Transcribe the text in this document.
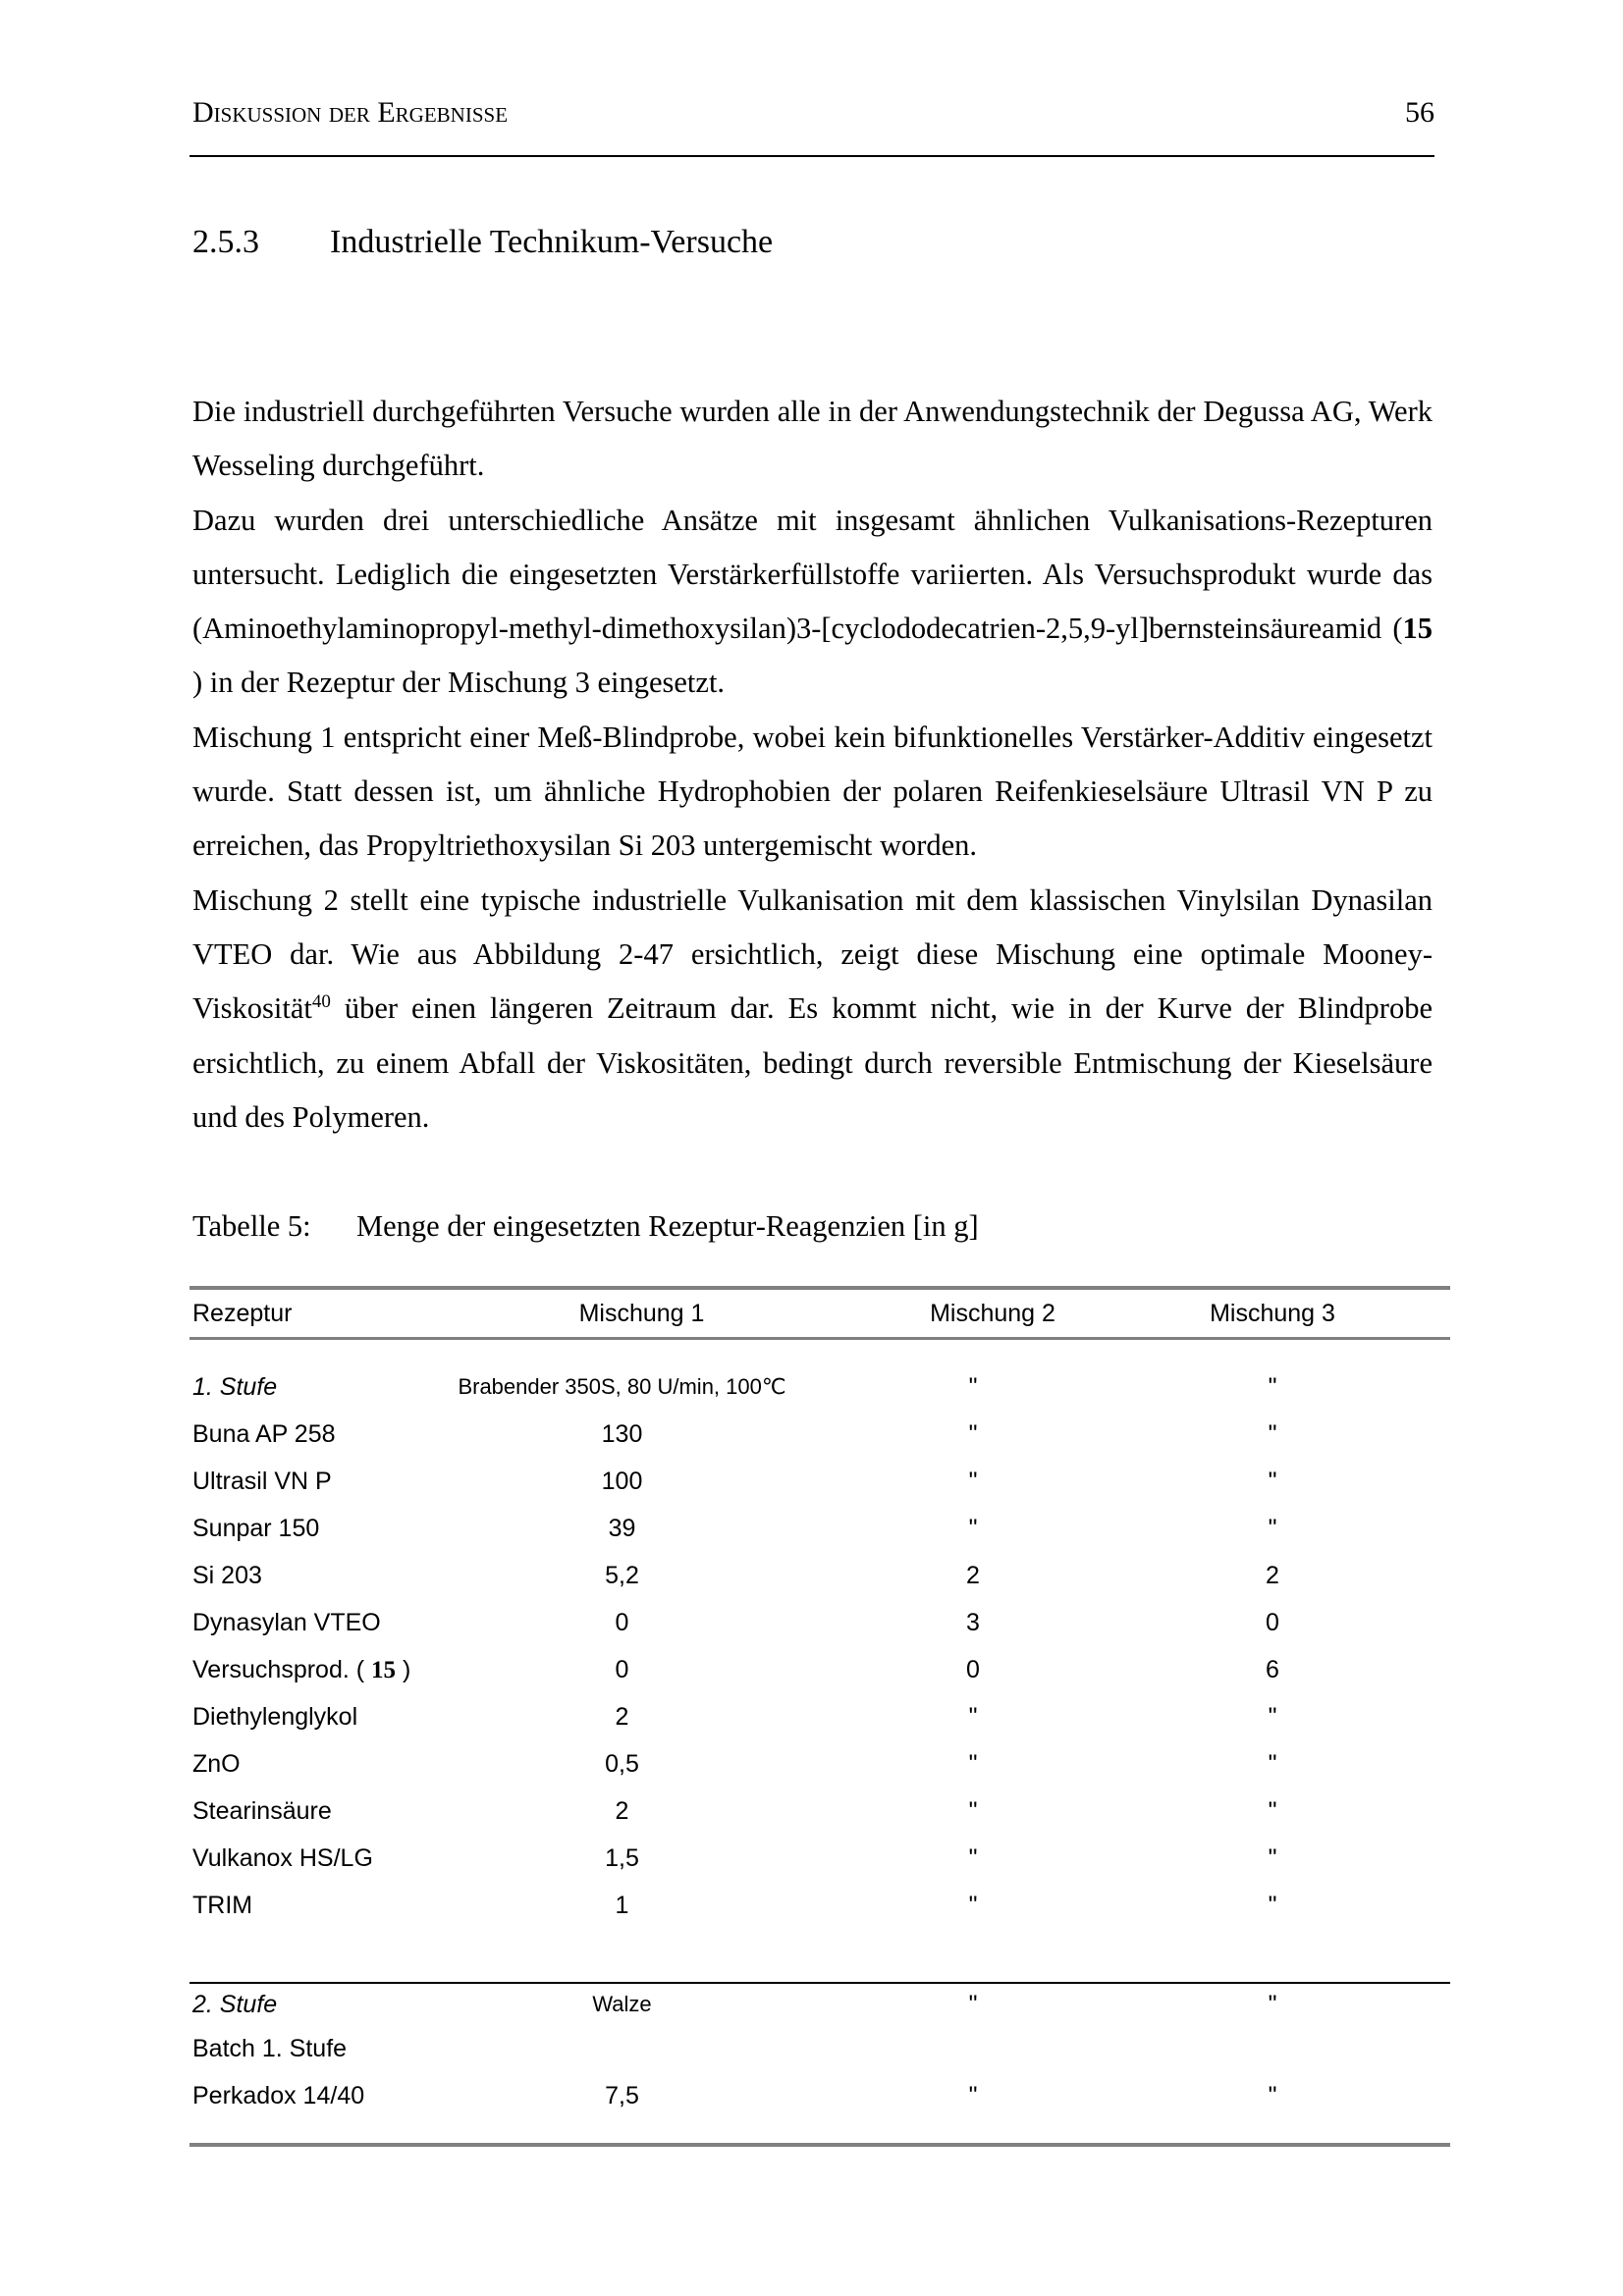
Diskussion der Ergebnisse	56
2.5.3	Industrielle Technikum-Versuche

Die industriell durchgeführten Versuche wurden alle in der Anwendungstechnik der Degussa AG, Werk Wesseling durchgeführt.

Dazu wurden drei unterschiedliche Ansätze mit insgesamt ähnlichen Vulkanisations-Rezepturen untersucht. Lediglich die eingesetzten Verstärkerfüllstoffe variierten. Als Versuchsprodukt wurde das (Aminoethylaminopropyl-methyl-dimethoxysilan)3-[cyclododecatrien-2,5,9-yl]bernsteinsäureamid (15 ) in der Rezeptur der Mischung 3 eingesetzt.

Mischung 1 entspricht einer Meß-Blindprobe, wobei kein bifunktionelles Verstärker-Additiv eingesetzt wurde. Statt dessen ist, um ähnliche Hydrophobien der polaren Reifenkieselsäure Ultrasil VN P zu erreichen, das Propyltriethoxysilan Si 203 untergemischt worden.

Mischung 2 stellt eine typische industrielle Vulkanisation mit dem klassischen Vinylsilan Dynasilan VTEO dar. Wie aus Abbildung 2-47 ersichtlich, zeigt diese Mischung eine optimale Mooney-Viskosität$^{40}$ über einen längeren Zeitraum dar. Es kommt nicht, wie in der Kurve der Blindprobe ersichtlich, zu einem Abfall der Viskositäten, bedingt durch reversible Entmischung der Kieselsäure und des Polymeren.

Tabelle 5:	Menge der eingesetzten Rezeptur-Reagenzien [in g]
Rezeptur	Mischung 1	Mischung 2	Mischung 3
1. Stufe	Brabender 350S, 80 U/min, 100℃	"	"
Buna AP 258	130	"	"
Ultrasil VN P	100	"	"
Sunpar 150	39	"	"
Si 203	5,2	2	2
Dynasylan VTEO	0	3	0
Versuchsprod. ( 15 )	0	0	6
Diethylenglykol	2	"	"
ZnO	0,5	"	"
Stearinsäure	2	"	"
Vulkanox HS/LG	1,5	"	"
TRIM	1	"	"
2. Stufe	Walze	"	"
Batch 1. Stufe
Perkadox 14/40	7,5	"	"
